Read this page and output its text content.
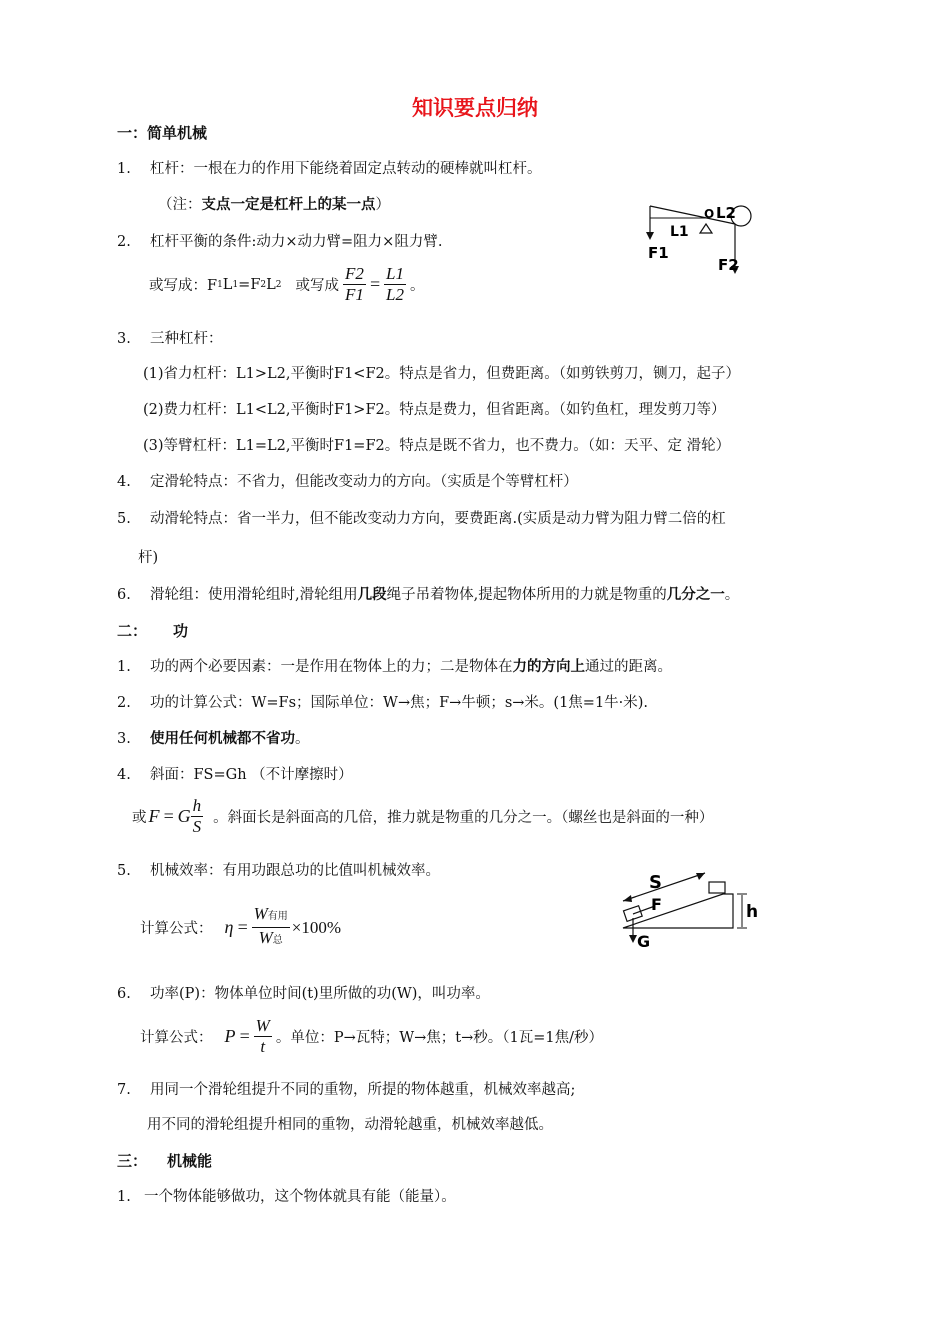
知识要点归纳
一：简单机械
1. 杠杆：一根在力的作用下能绕着固定点转动的硬棒就叫杠杆。
（注：支点一定是杠杆上的某一点）
2. 杠杆平衡的条件:动力×动力臂=阻力×阻力臂.
或写成：F 1 L 1 =F 2 L 2 或写成 $\frac{F2}{F1} = \frac{L1}{L2}$ 。
F1
L1
O L2
F2
3. 三种杠杆：
(1)省力杠杆：L1>L2,平衡时F1<F2。特点是省力，但费距离。（如剪铁剪刀，铡刀，起子）
(2)费力杠杆：L1<L2,平衡时F1>F2。特点是费力，但省距离。（如钓鱼杠，理发剪刀等）
(3)等臂杠杆：L1=L2,平衡时F1=F2。特点是既不省力，也不费力。（如：天平、定 滑轮）
4. 定滑轮特点：不省力，但能改变动力的方向。（实质是个等臂杠杆）
5. 动滑轮特点：省一半力，但不能改变动力方向，要费距离.(实质是动力臂为阻力臂二倍的杠
杆)
6. 滑轮组：使用滑轮组时,滑轮组用几段绳子吊着物体,提起物体所用的力就是物重的几分之一。
二： 功
1. 功的两个必要因素：一是作用在物体上的力；二是物体在力的方向上通过的距离。
2. 功的计算公式：W=Fs；国际单位：W→焦；F→牛顿；s→米。(1焦=1牛·米).
3. 使用任何机械都不省功。
4. 斜面：FS=Gh （不计摩擦时）
或 F = G $\frac{h}{S}$ 。斜面长是斜面高的几倍，推力就是物重的几分之一。（螺丝也是斜面的一种）
5. 机械效率：有用功跟总功的比值叫机械效率。
计算公式： $\eta = \frac{\text{W有用}}{\text{W总}} \times 100\%$
S
F
G
h
6. 功率(P)：物体单位时间(t)里所做的功(W)，叫功率。
计算公式： $P = \frac{W}{t}$ 。单位：P→瓦特；W→焦；t→秒。（1瓦=1焦/秒）
7. 用同一个滑轮组提升不同的重物，所提的物体越重，机械效率越高;
用不同的滑轮组提升相同的重物，动滑轮越重，机械效率越低。
三： 机械能
1. 一个物体能够做功，这个物体就具有能（能量）。
